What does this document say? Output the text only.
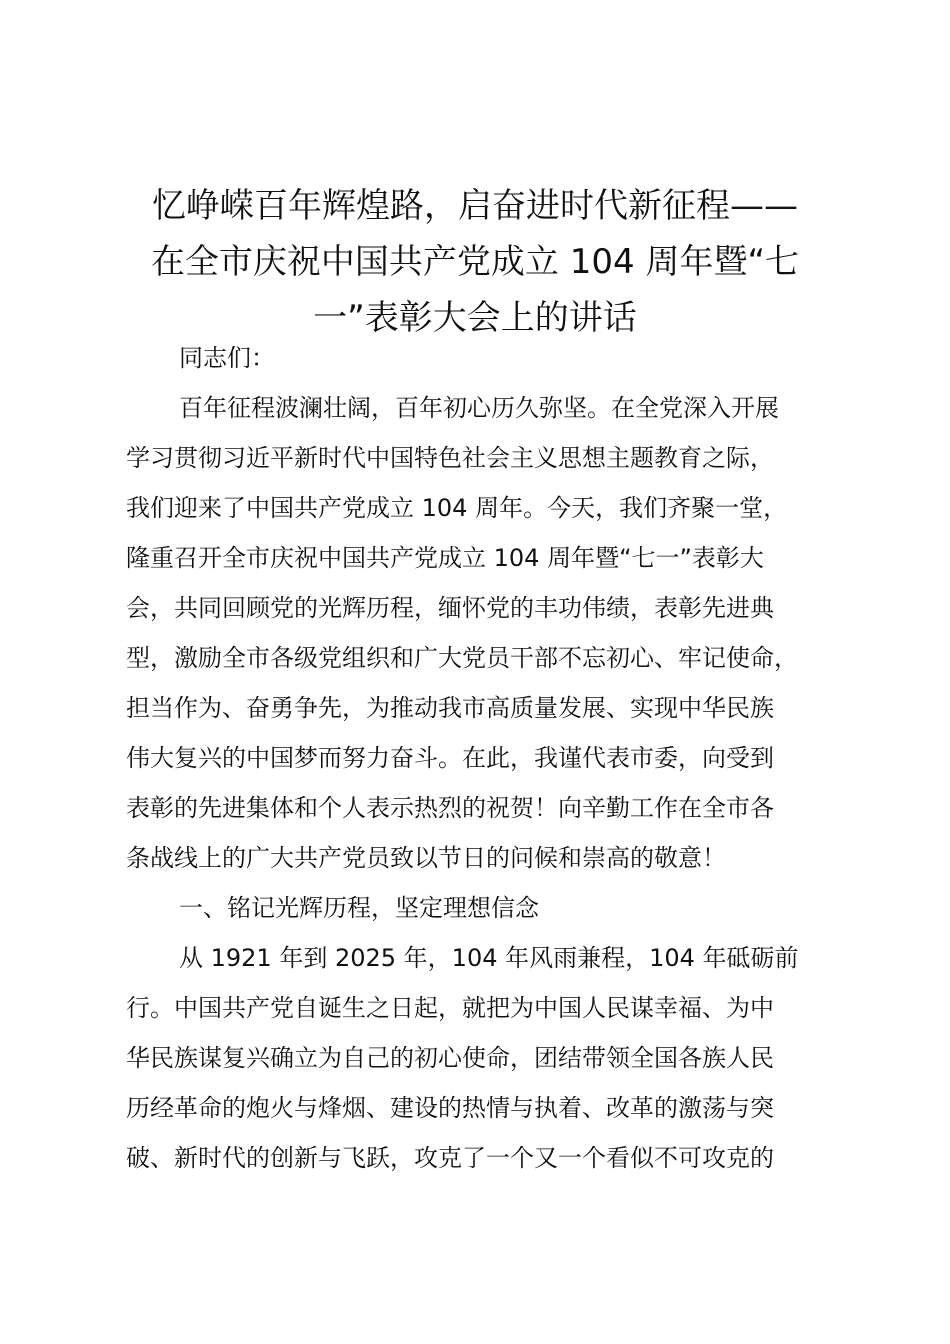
忆峥嵘百年辉煌路，启奋进时代新征程——
在全市庆祝中国共产党成立 104 周年暨“七
一”表彰大会上的讲话
同志们：
百年征程波澜壮阔，百年初心历久弥坚。在全党深入开展
学习贯彻习近平新时代中国特色社会主义思想主题教育之际，
我们迎来了中国共产党成立 104 周年。今天，我们齐聚一堂，
隆重召开全市庆祝中国共产党成立 104 周年暨“七一”表彰大
会，共同回顾党的光辉历程，缅怀党的丰功伟绩，表彰先进典
型，激励全市各级党组织和广大党员干部不忘初心、牢记使命，
担当作为、奋勇争先，为推动我市高质量发展、实现中华民族
伟大复兴的中国梦而努力奋斗。在此，我谨代表市委，向受到
表彰的先进集体和个人表示热烈的祝贺！向辛勤工作在全市各
条战线上的广大共产党员致以节日的问候和崇高的敬意！
一、铭记光辉历程，坚定理想信念
从 1921 年到 2025 年，104 年风雨兼程，104 年砥砺前
行。中国共产党自诞生之日起，就把为中国人民谋幸福、为中
华民族谋复兴确立为自己的初心使命，团结带领全国各族人民
历经革命的炮火与烽烟、建设的热情与执着、改革的激荡与突
破、新时代的创新与飞跃，攻克了一个又一个看似不可攻克的
